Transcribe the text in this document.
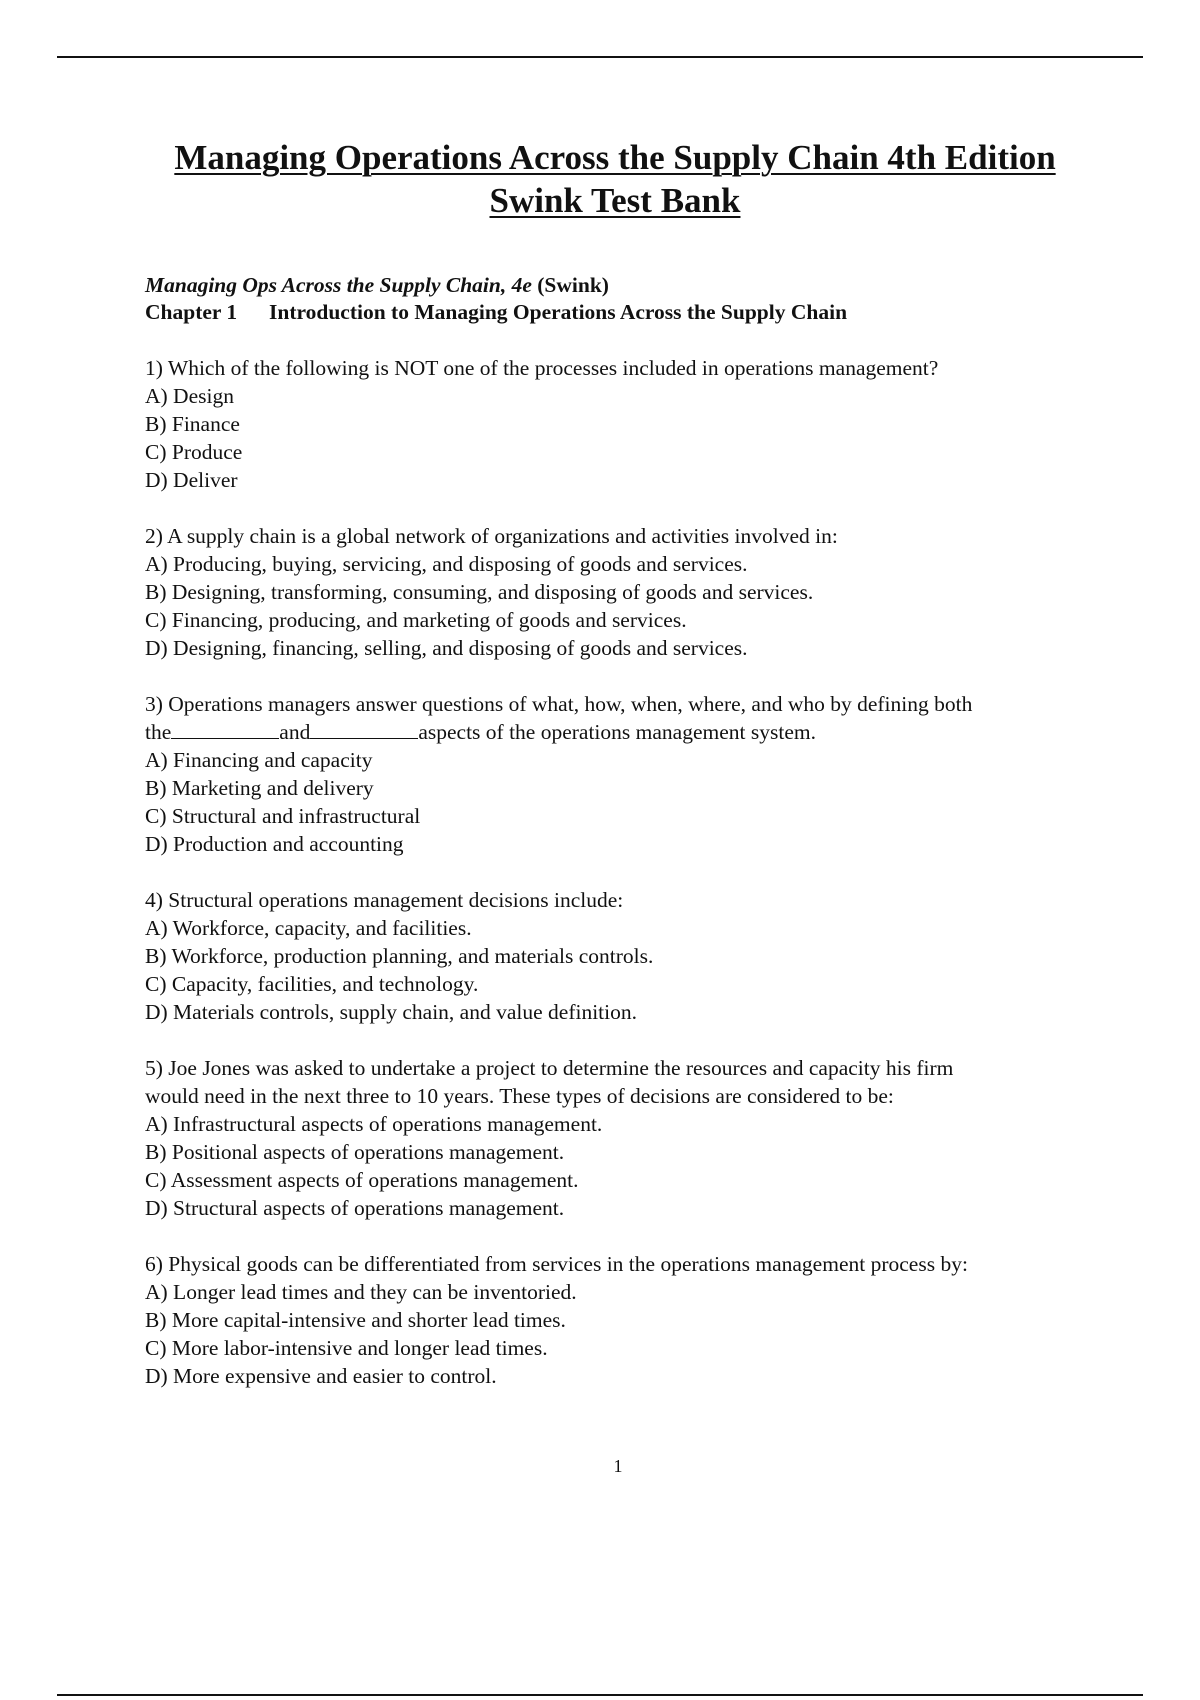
Managing Operations Across the Supply Chain 4th Edition
Swink Test Bank
Managing Ops Across the Supply Chain, 4e (Swink)
Chapter 1 Introduction to Managing Operations Across the Supply Chain

1) Which of the following is NOT one of the processes included in operations management?

A) Design

B) Finance

C) Produce

D) Deliver

2) A supply chain is a global network of organizations and activities involved in:

A) Producing, buying, servicing, and disposing of goods and services.

B) Designing, transforming, consuming, and disposing of goods and services.

C) Financing, producing, and marketing of goods and services.

D) Designing, financing, selling, and disposing of goods and services.

3) Operations managers answer questions of what, how, when, where, and who by defining both

the	and	aspects of the operations management system.

A) Financing and capacity

B) Marketing and delivery

C) Structural and infrastructural

D) Production and accounting

4) Structural operations management decisions include:

A) Workforce, capacity, and facilities.

B) Workforce, production planning, and materials controls.

C) Capacity, facilities, and technology.

D) Materials controls, supply chain, and value definition.

5) Joe Jones was asked to undertake a project to determine the resources and capacity his firm

would need in the next three to 10 years. These types of decisions are considered to be:

A) Infrastructural aspects of operations management.

B) Positional aspects of operations management.

C) Assessment aspects of operations management.

D) Structural aspects of operations management.

6) Physical goods can be differentiated from services in the operations management process by:

A) Longer lead times and they can be inventoried.

B) More capital-intensive and shorter lead times.

C) More labor-intensive and longer lead times.

D) More expensive and easier to control.

1
